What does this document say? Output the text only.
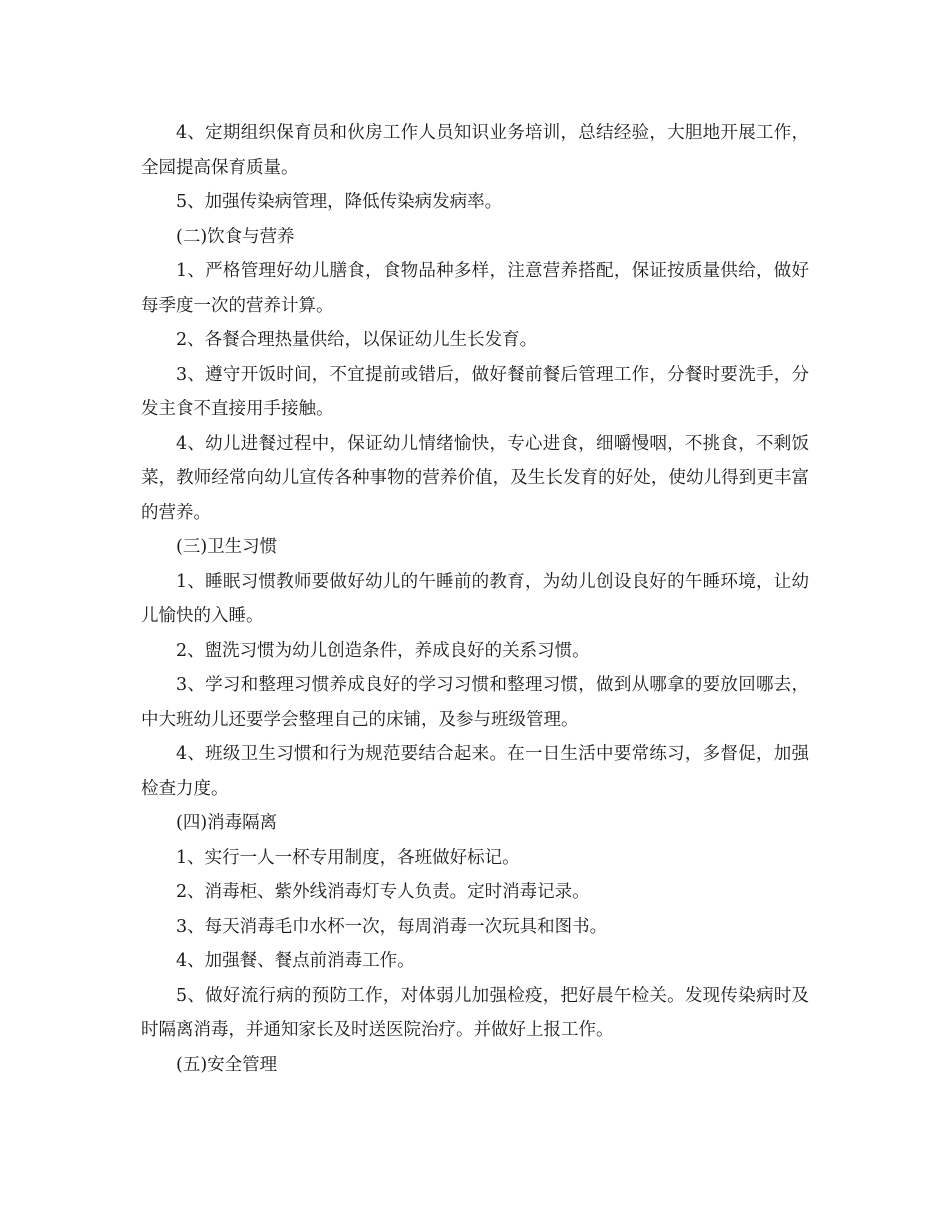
4、定期组织保育员和伙房工作人员知识业务培训，总结经验，大胆地开展工作，全园提高保育质量。

5、加强传染病管理，降低传染病发病率。

(二)饮食与营养

1、严格管理好幼儿膳食，食物品种多样，注意营养搭配，保证按质量供给，做好每季度一次的营养计算。

2、各餐合理热量供给，以保证幼儿生长发育。

3、遵守开饭时间，不宜提前或错后，做好餐前餐后管理工作，分餐时要洗手，分发主食不直接用手接触。

4、幼儿进餐过程中，保证幼儿情绪愉快，专心进食，细嚼慢咽，不挑食，不剩饭菜，教师经常向幼儿宣传各种事物的营养价值，及生长发育的好处，使幼儿得到更丰富的营养。

(三)卫生习惯

1、睡眠习惯教师要做好幼儿的午睡前的教育，为幼儿创设良好的午睡环境，让幼儿愉快的入睡。

2、盥洗习惯为幼儿创造条件，养成良好的关系习惯。

3、学习和整理习惯养成良好的学习习惯和整理习惯，做到从哪拿的要放回哪去，中大班幼儿还要学会整理自己的床铺，及参与班级管理。

4、班级卫生习惯和行为规范要结合起来。在一日生活中要常练习，多督促，加强检查力度。

(四)消毒隔离

1、实行一人一杯专用制度，各班做好标记。

2、消毒柜、紫外线消毒灯专人负责。定时消毒记录。

3、每天消毒毛巾水杯一次，每周消毒一次玩具和图书。

4、加强餐、餐点前消毒工作。

5、做好流行病的预防工作，对体弱儿加强检疫，把好晨午检关。发现传染病时及时隔离消毒，并通知家长及时送医院治疗。并做好上报工作。

(五)安全管理
